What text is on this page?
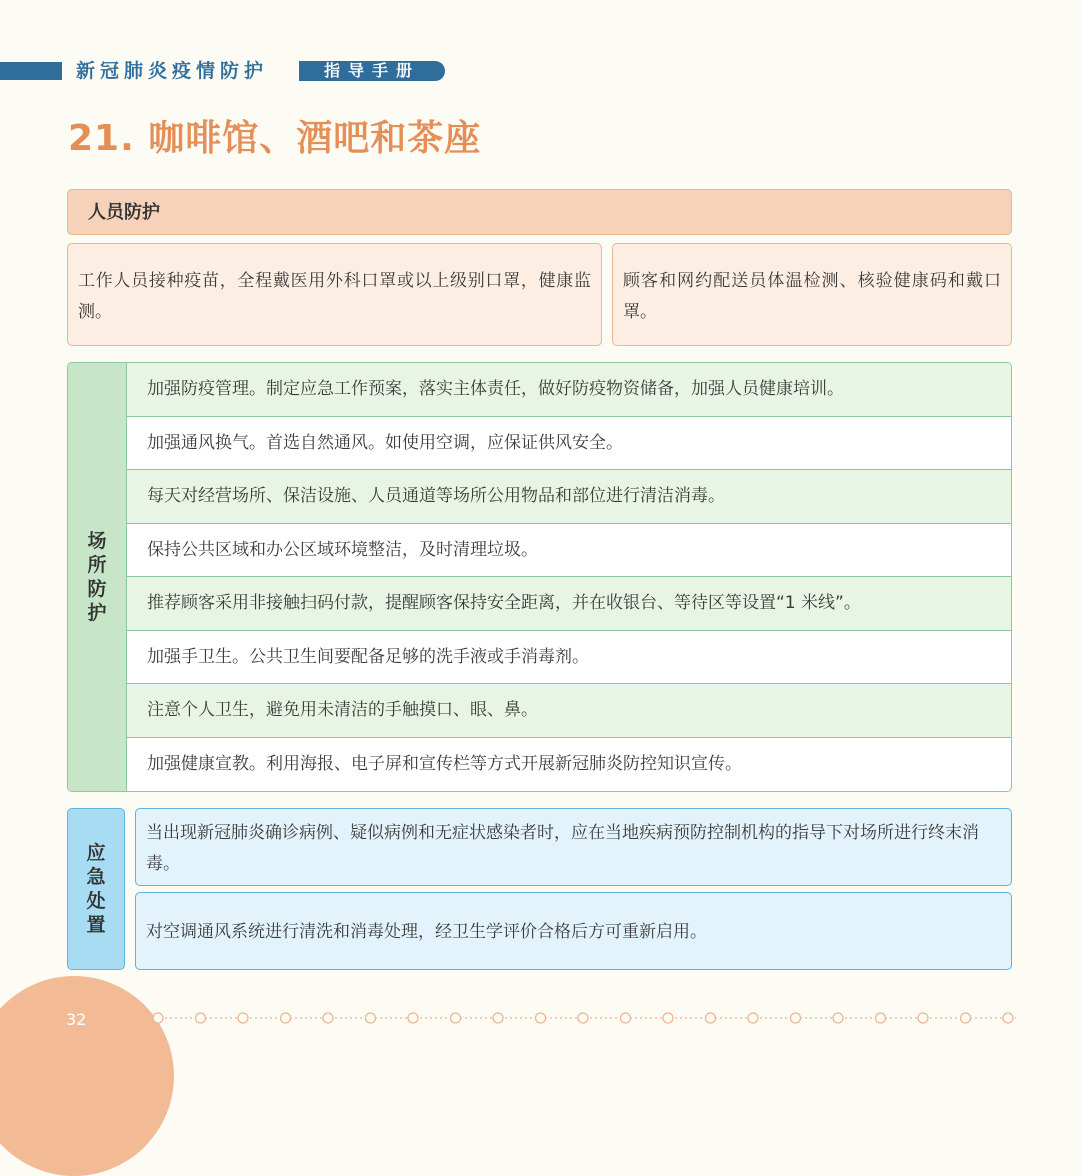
新冠肺炎疫情防护	指导手册
21. 咖啡馆、酒吧和茶座
人员防护
工作人员接种疫苗，全程戴医用外科口罩或以上级别口罩，健康监测。
顾客和网约配送员体温检测、核验健康码和戴口罩。
场
所
防
护
加强防疫管理。制定应急工作预案，落实主体责任，做好防疫物资储备，加强人员健康培训。
加强通风换气。首选自然通风。如使用空调，应保证供风安全。
每天对经营场所、保洁设施、人员通道等场所公用物品和部位进行清洁消毒。
保持公共区域和办公区域环境整洁，及时清理垃圾。
推荐顾客采用非接触扫码付款，提醒顾客保持安全距离，并在收银台、等待区等设置“1 米线”。
加强手卫生。公共卫生间要配备足够的洗手液或手消毒剂。
注意个人卫生，避免用未清洁的手触摸口、眼、鼻。
加强健康宣教。利用海报、电子屏和宣传栏等方式开展新冠肺炎防控知识宣传。
应
急
处
置
当出现新冠肺炎确诊病例、疑似病例和无症状感染者时，应在当地疾病预防控制机构的指导下对场所进行终末消毒。
对空调通风系统进行清洗和消毒处理，经卫生学评价合格后方可重新启用。
32
